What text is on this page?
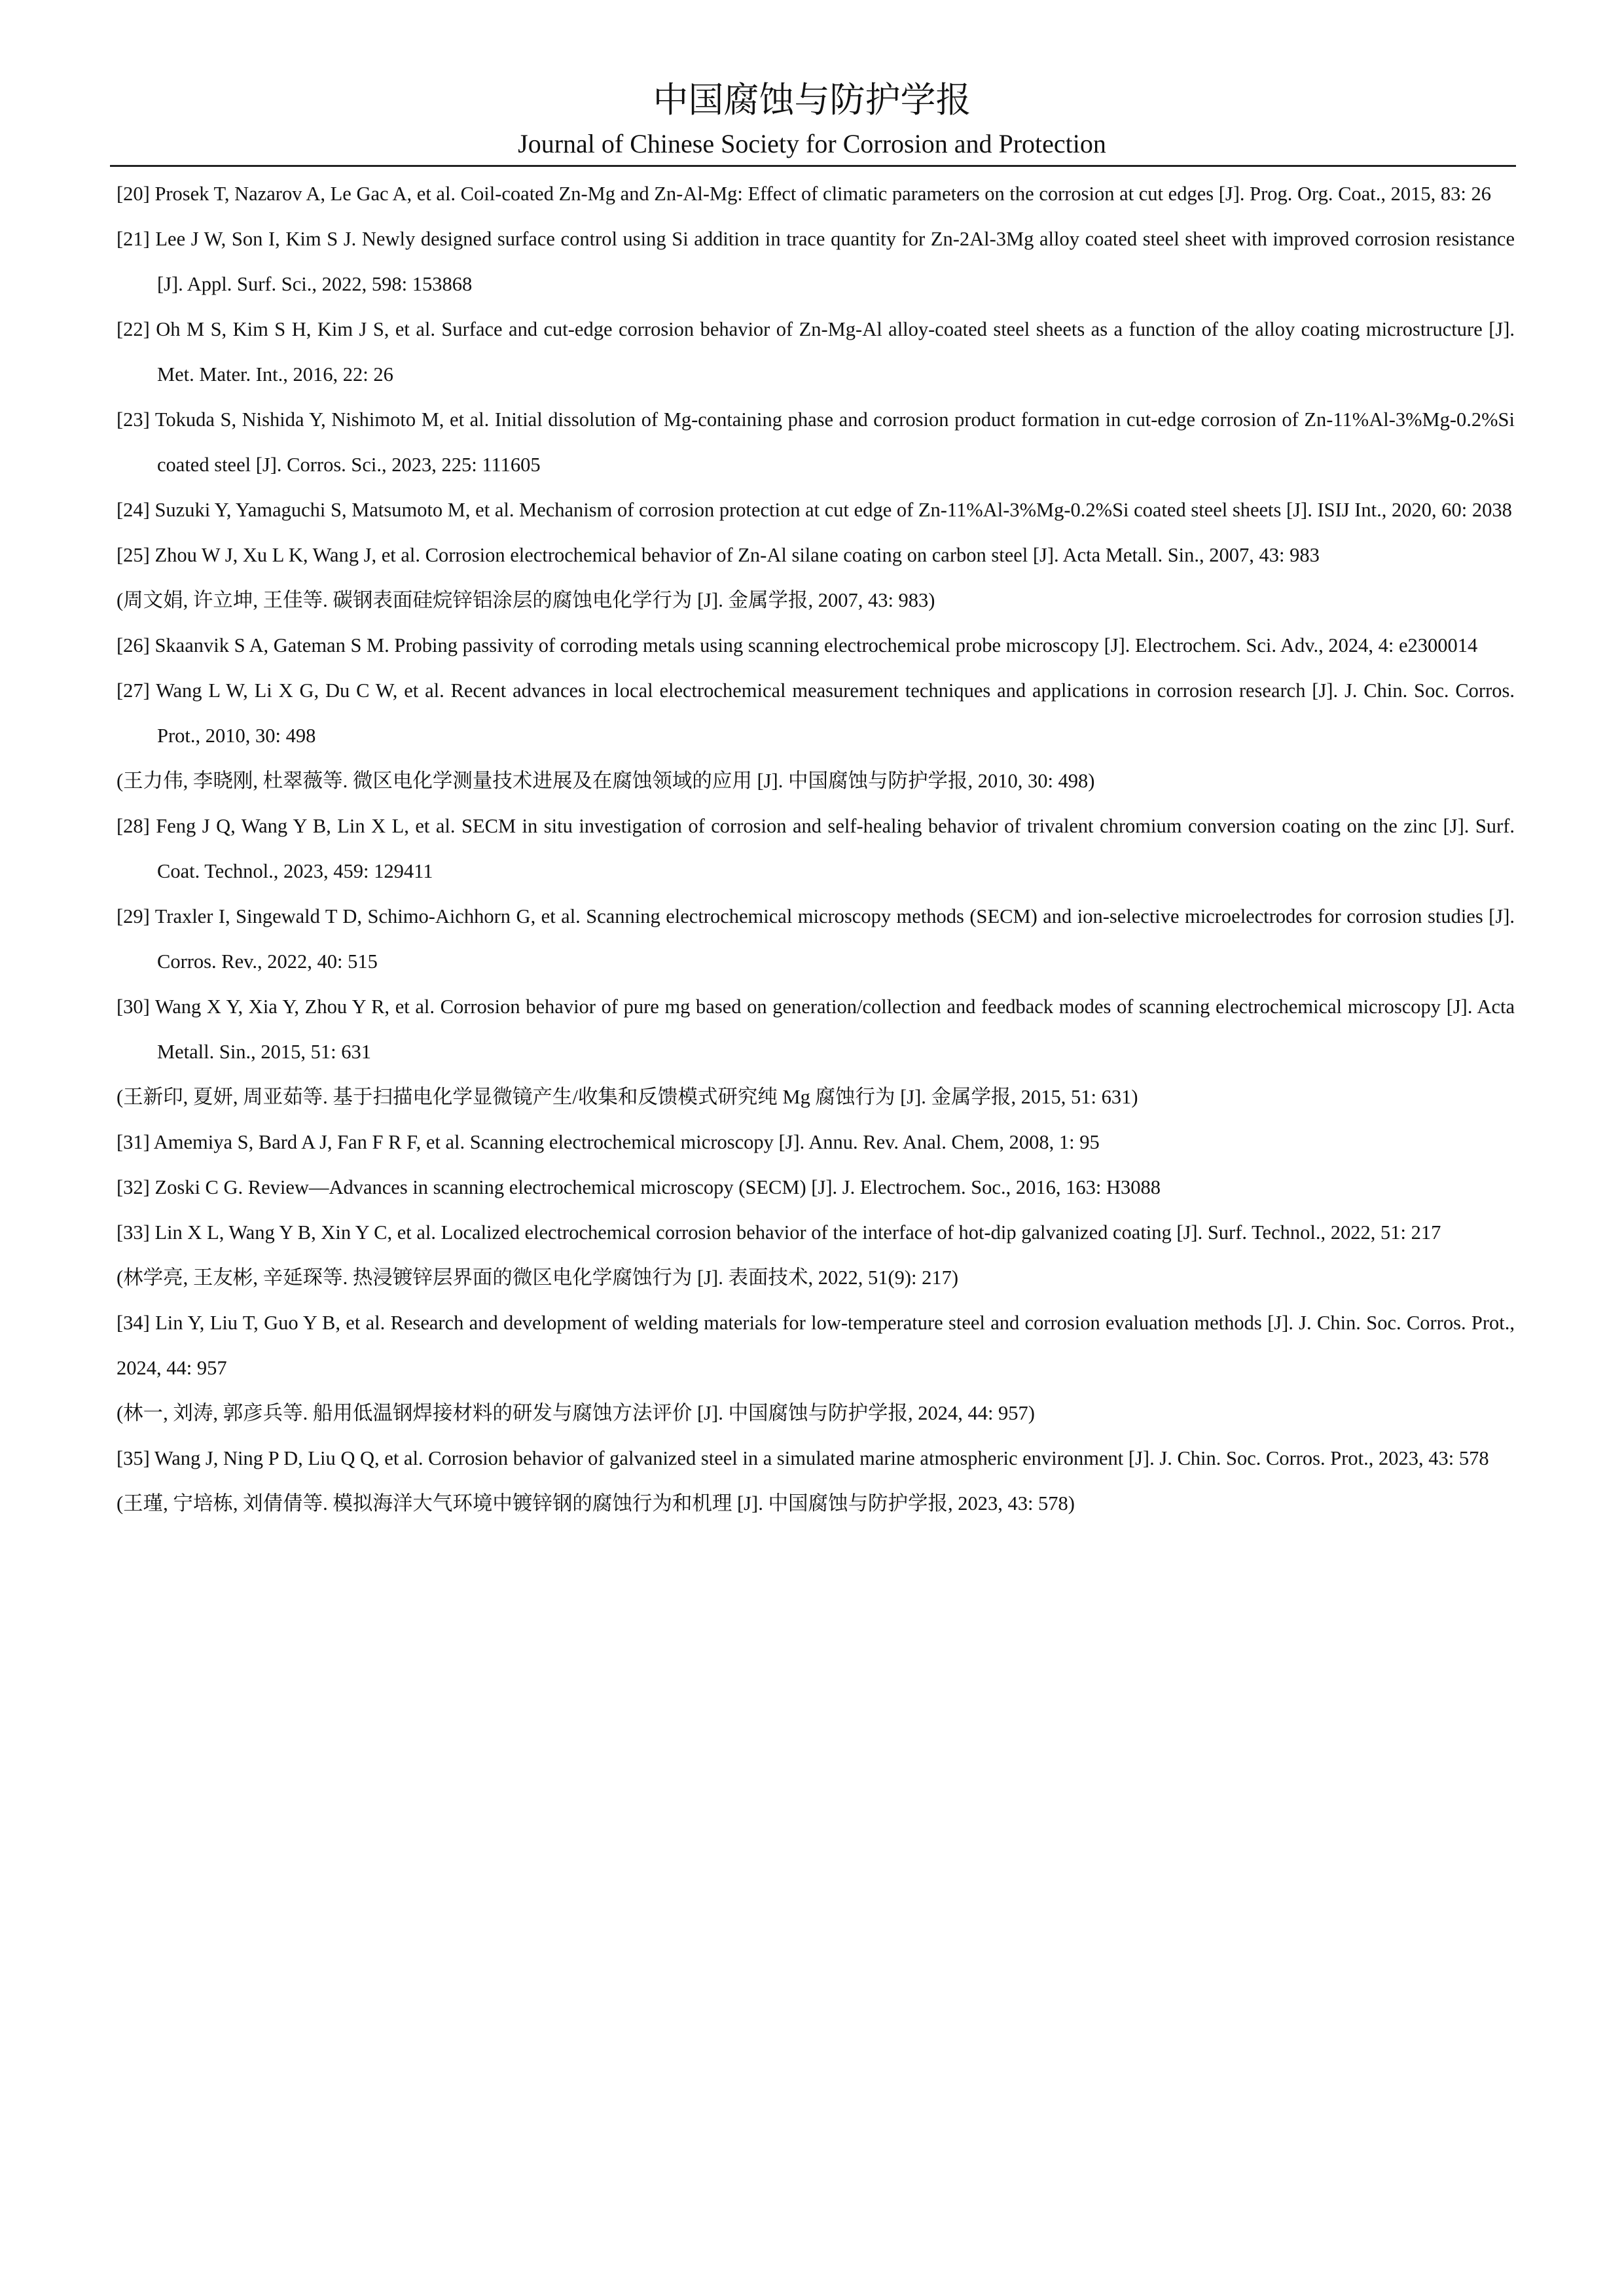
中国腐蚀与防护学报
Journal of Chinese Society for Corrosion and Protection
[20] Prosek T, Nazarov A, Le Gac A, et al. Coil-coated Zn-Mg and Zn-Al-Mg: Effect of climatic parameters on the corrosion at cut edges [J]. Prog. Org. Coat., 2015, 83: 26
[21] Lee J W, Son I, Kim S J. Newly designed surface control using Si addition in trace quantity for Zn-2Al-3Mg alloy coated steel sheet with improved corrosion resistance [J]. Appl. Surf. Sci., 2022, 598: 153868
[22] Oh M S, Kim S H, Kim J S, et al. Surface and cut-edge corrosion behavior of Zn-Mg-Al alloy-coated steel sheets as a function of the alloy coating microstructure [J]. Met. Mater. Int., 2016, 22: 26
[23] Tokuda S, Nishida Y, Nishimoto M, et al. Initial dissolution of Mg-containing phase and corrosion product formation in cut-edge corrosion of Zn-11%Al-3%Mg-0.2%Si coated steel [J]. Corros. Sci., 2023, 225: 111605
[24] Suzuki Y, Yamaguchi S, Matsumoto M, et al. Mechanism of corrosion protection at cut edge of Zn-11%Al-3%Mg-0.2%Si coated steel sheets [J]. ISIJ Int., 2020, 60: 2038
[25] Zhou W J, Xu L K, Wang J, et al. Corrosion electrochemical behavior of Zn-Al silane coating on carbon steel [J]. Acta Metall. Sin., 2007, 43: 983
(周文娟, 许立坤, 王佳等. 碳钢表面硅烷锌铝涂层的腐蚀电化学行为 [J]. 金属学报, 2007, 43: 983)
[26] Skaanvik S A, Gateman S M. Probing passivity of corroding metals using scanning electrochemical probe microscopy [J]. Electrochem. Sci. Adv., 2024, 4: e2300014
[27] Wang L W, Li X G, Du C W, et al. Recent advances in local electrochemical measurement techniques and applications in corrosion research [J]. J. Chin. Soc. Corros. Prot., 2010, 30: 498
(王力伟, 李晓刚, 杜翠薇等. 微区电化学测量技术进展及在腐蚀领域的应用 [J]. 中国腐蚀与防护学报, 2010, 30: 498)
[28] Feng J Q, Wang Y B, Lin X L, et al. SECM in situ investigation of corrosion and self-healing behavior of trivalent chromium conversion coating on the zinc [J]. Surf. Coat. Technol., 2023, 459: 129411
[29] Traxler I, Singewald T D, Schimo-Aichhorn G, et al. Scanning electrochemical microscopy methods (SECM) and ion-selective microelectrodes for corrosion studies [J]. Corros. Rev., 2022, 40: 515
[30] Wang X Y, Xia Y, Zhou Y R, et al. Corrosion behavior of pure mg based on generation/collection and feedback modes of scanning electrochemical microscopy [J]. Acta Metall. Sin., 2015, 51: 631
(王新印, 夏妍, 周亚茹等. 基于扫描电化学显微镜产生/收集和反馈模式研究纯 Mg 腐蚀行为 [J]. 金属学报, 2015, 51: 631)
[31] Amemiya S, Bard A J, Fan F R F, et al. Scanning electrochemical microscopy [J]. Annu. Rev. Anal. Chem, 2008, 1: 95
[32] Zoski C G. Review—Advances in scanning electrochemical microscopy (SECM) [J]. J. Electrochem. Soc., 2016, 163: H3088
[33] Lin X L, Wang Y B, Xin Y C, et al. Localized electrochemical corrosion behavior of the interface of hot-dip galvanized coating [J]. Surf. Technol., 2022, 51: 217
(林学亮, 王友彬, 辛延琛等. 热浸镀锌层界面的微区电化学腐蚀行为 [J]. 表面技术, 2022, 51(9): 217)
[34] Lin Y, Liu T, Guo Y B, et al. Research and development of welding materials for low-temperature steel and corrosion evaluation methods [J]. J. Chin. Soc. Corros. Prot., 2024, 44: 957
(林一, 刘涛, 郭彦兵等. 船用低温钢焊接材料的研发与腐蚀方法评价 [J]. 中国腐蚀与防护学报, 2024, 44: 957)
[35] Wang J, Ning P D, Liu Q Q, et al. Corrosion behavior of galvanized steel in a simulated marine atmospheric environment [J]. J. Chin. Soc. Corros. Prot., 2023, 43: 578
(王瑾, 宁培栋, 刘倩倩等. 模拟海洋大气环境中镀锌钢的腐蚀行为和机理 [J]. 中国腐蚀与防护学报, 2023, 43: 578)
